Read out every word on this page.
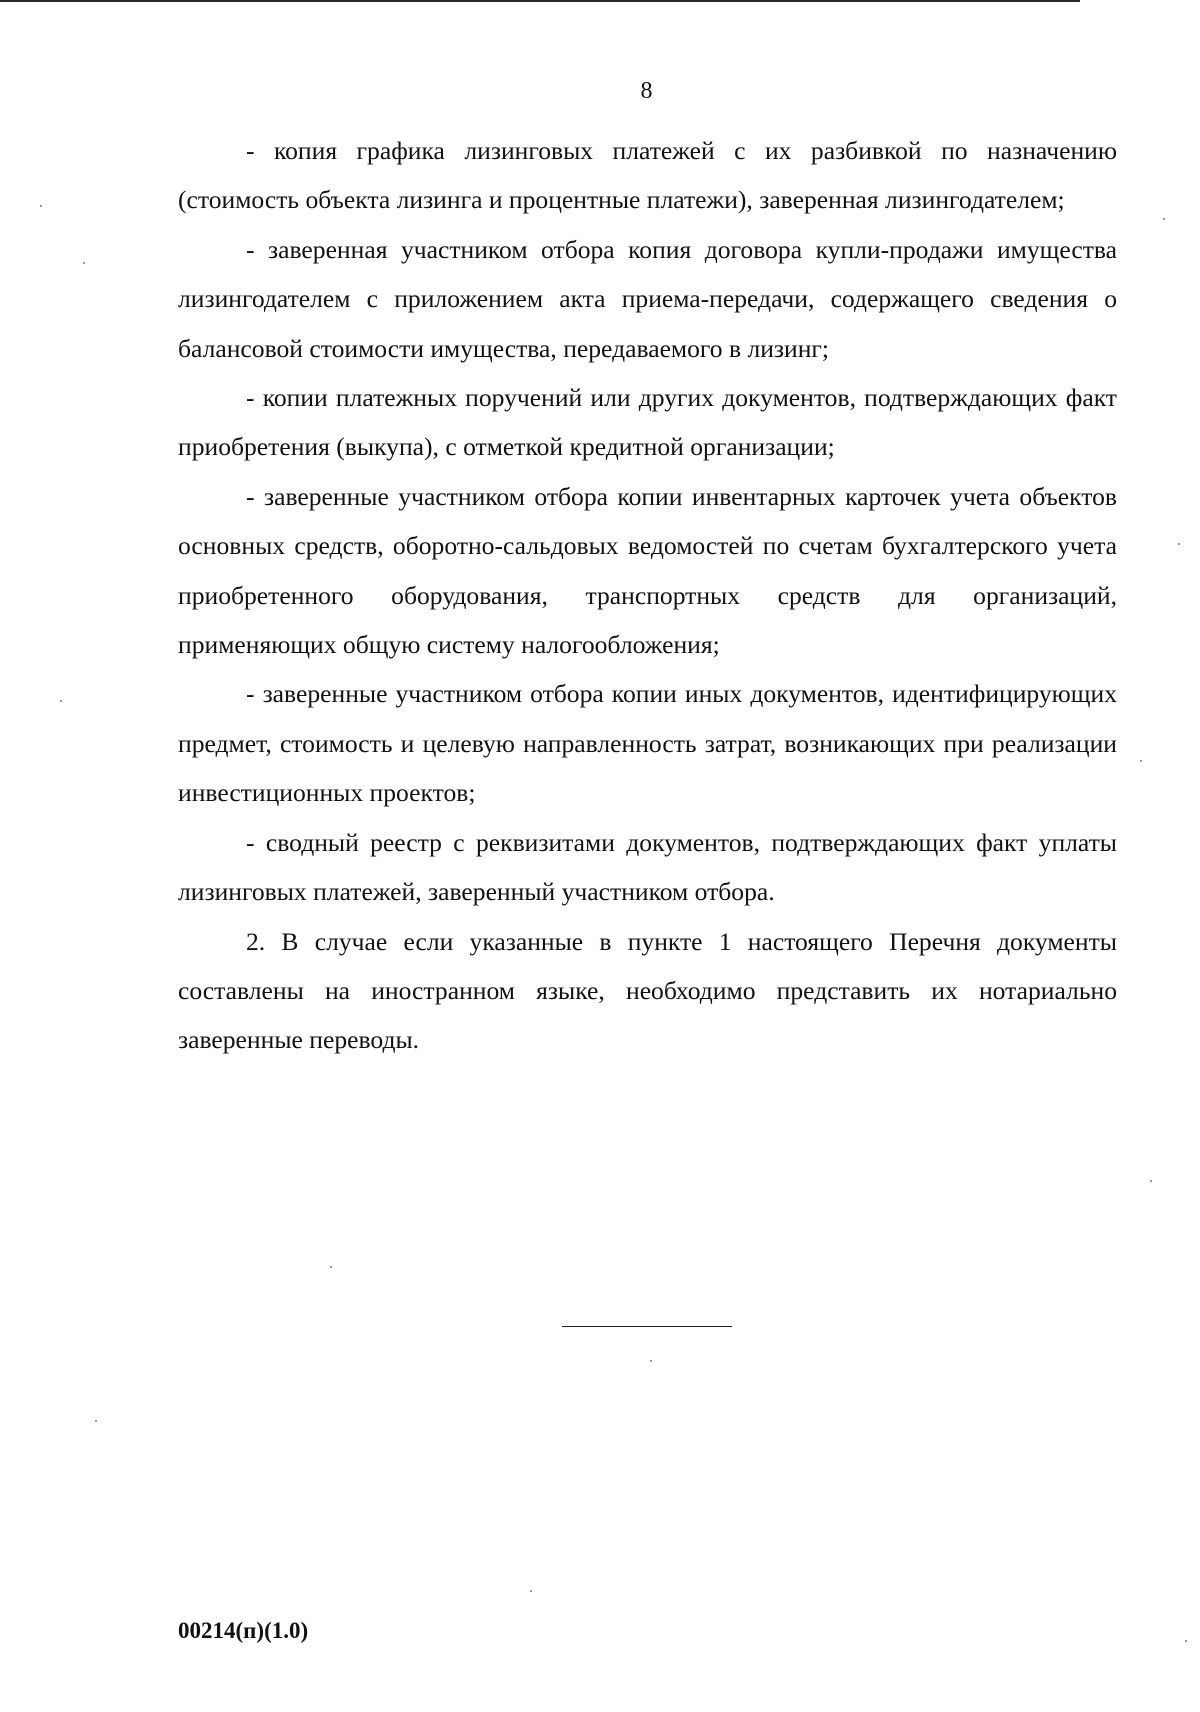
8

- копия графика лизинговых платежей с их разбивкой по назначению (стоимость объекта лизинга и процентные платежи), заверенная лизингодателем;

- заверенная участником отбора копия договора купли-продажи имущества лизингодателем с приложением акта приема-передачи, содержащего сведения о балансовой стоимости имущества, передаваемого в лизинг;

- копии платежных поручений или других документов, подтверждающих факт приобретения (выкупа), с отметкой кредитной организации;

- заверенные участником отбора копии инвентарных карточек учета объектов основных средств, оборотно-сальдовых ведомостей по счетам бухгалтерского учета приобретенного оборудования, транспортных средств для организаций, применяющих общую систему налогообложения;

- заверенные участником отбора копии иных документов, идентифицирующих предмет, стоимость и целевую направленность затрат, возникающих при реализации инвестиционных проектов;

- сводный реестр с реквизитами документов, подтверждающих факт уплаты лизинговых платежей, заверенный участником отбора.

2. В случае если указанные в пункте 1 настоящего Перечня документы составлены на иностранном языке, необходимо представить их нотариально заверенные переводы.

00214(п)(1.0)
